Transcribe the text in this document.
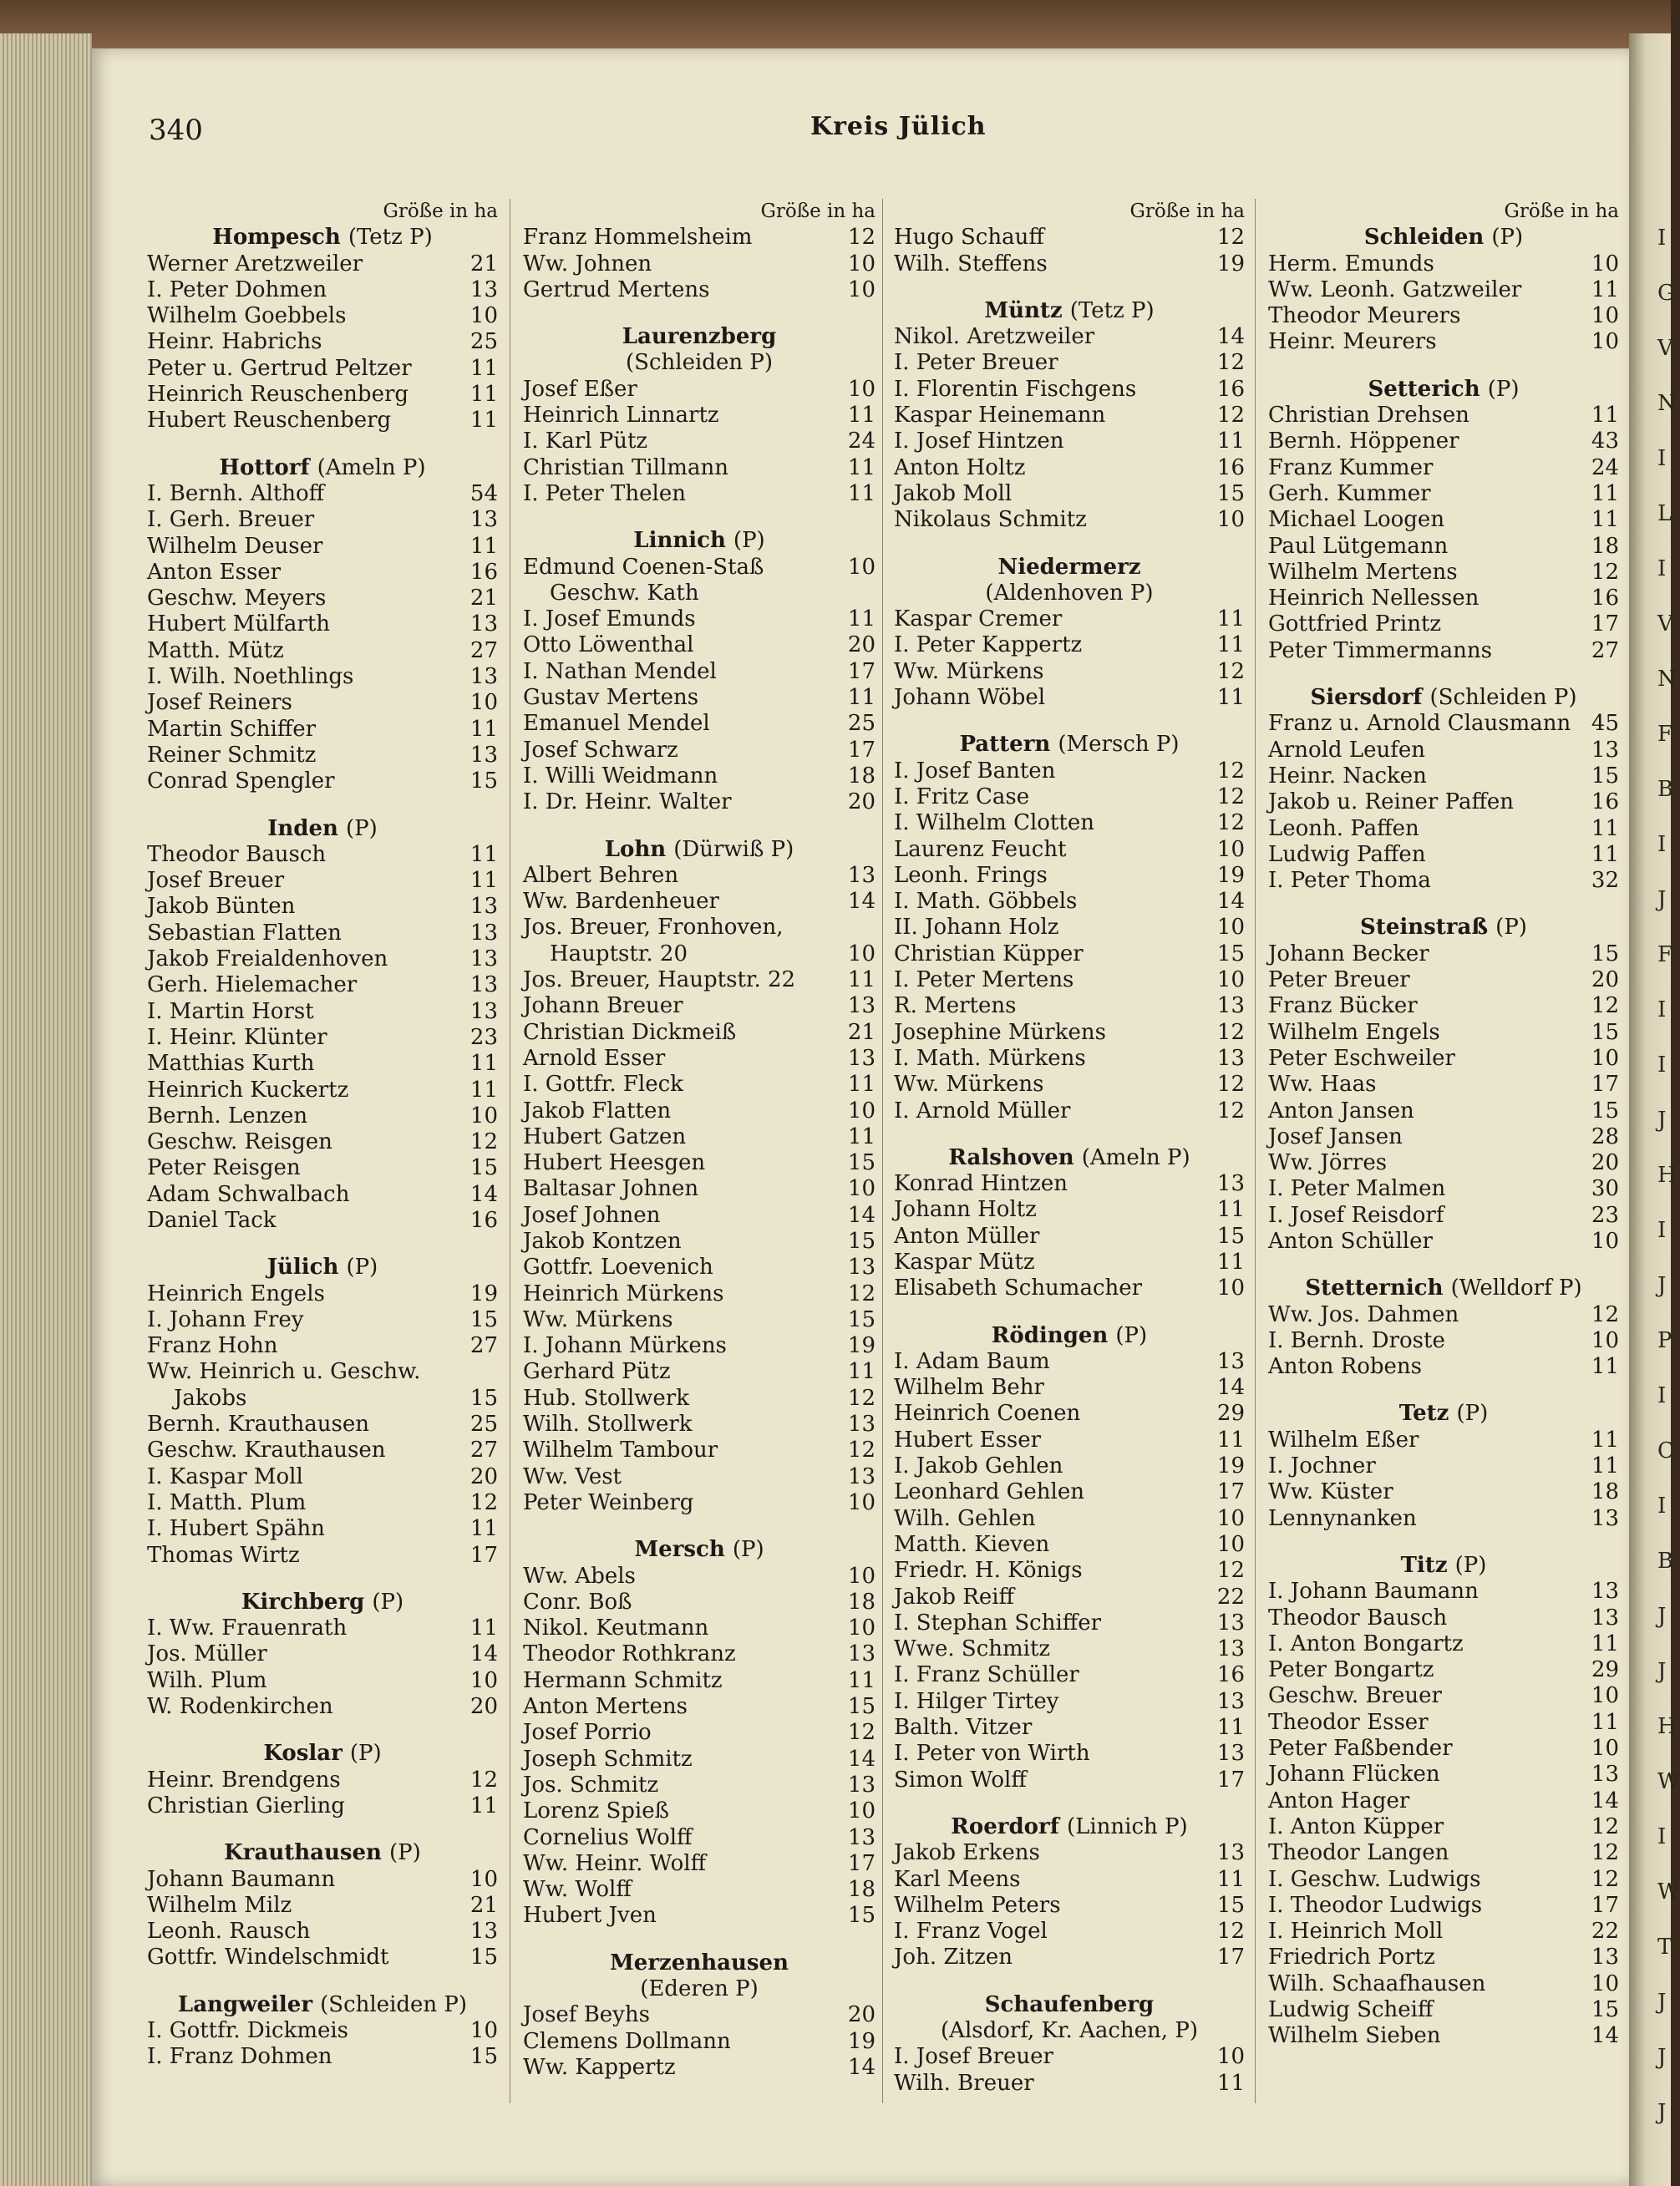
I
G
V
N
I
L
I
V
N
F
B
I
J
F
I
I
J
H
I
J
P
I
C
I
B
J
J
H
W
I
W
T
J
J
J
340	Kreis Jülich
Größe in ha
Hompesch (Tetz P)
Werner Aretzweiler	21
I. Peter Dohmen	13
Wilhelm Goebbels	10
Heinr. Habrichs	25
Peter u. Gertrud Peltzer	11
Heinrich Reuschenberg	11
Hubert Reuschenberg	11
Hottorf (Ameln P)
I. Bernh. Althoff	54
I. Gerh. Breuer	13
Wilhelm Deuser	11
Anton Esser	16
Geschw. Meyers	21
Hubert Mülfarth	13
Matth. Mütz	27
I. Wilh. Noethlings	13
Josef Reiners	10
Martin Schiffer	11
Reiner Schmitz	13
Conrad Spengler	15
Inden (P)
Theodor Bausch	11
Josef Breuer	11
Jakob Bünten	13
Sebastian Flatten	13
Jakob Freialdenhoven	13
Gerh. Hielemacher	13
I. Martin Horst	13
I. Heinr. Klünter	23
Matthias Kurth	11
Heinrich Kuckertz	11
Bernh. Lenzen	10
Geschw. Reisgen	12
Peter Reisgen	15
Adam Schwalbach	14
Daniel Tack	16
Jülich (P)
Heinrich Engels	19
I. Johann Frey	15
Franz Hohn	27
Ww. Heinrich u. Geschw.
Jakobs	15
Bernh. Krauthausen	25
Geschw. Krauthausen	27
I. Kaspar Moll	20
I. Matth. Plum	12
I. Hubert Spähn	11
Thomas Wirtz	17
Kirchberg (P)
I. Ww. Frauenrath	11
Jos. Müller	14
Wilh. Plum	10
W. Rodenkirchen	20
Koslar (P)
Heinr. Brendgens	12
Christian Gierling	11
Krauthausen (P)
Johann Baumann	10
Wilhelm Milz	21
Leonh. Rausch	13
Gottfr. Windelschmidt	15
Langweiler (Schleiden P)
I. Gottfr. Dickmeis	10
I. Franz Dohmen	15
Größe in ha
Franz Hommelsheim	12
Ww. Johnen	10
Gertrud Mertens	10
Laurenzberg
(Schleiden P)
Josef Eßer	10
Heinrich Linnartz	11
I. Karl Pütz	24
Christian Tillmann	11
I. Peter Thelen	11
Linnich (P)
Edmund Coenen-Staß	10
Geschw. Kath
I. Josef Emunds	11
Otto Löwenthal	20
I. Nathan Mendel	17
Gustav Mertens	11
Emanuel Mendel	25
Josef Schwarz	17
I. Willi Weidmann	18
I. Dr. Heinr. Walter	20
Lohn (Dürwiß P)
Albert Behren	13
Ww. Bardenheuer	14
Jos. Breuer, Fronhoven,
Hauptstr. 20	10
Jos. Breuer, Hauptstr. 22 11
Johann Breuer	13
Christian Dickmeiß	21
Arnold Esser	13
I. Gottfr. Fleck	11
Jakob Flatten	10
Hubert Gatzen	11
Hubert Heesgen	15
Baltasar Johnen	10
Josef Johnen	14
Jakob Kontzen	15
Gottfr. Loevenich	13
Heinrich Mürkens	12
Ww. Mürkens	15
I. Johann Mürkens	19
Gerhard Pütz	11
Hub. Stollwerk	12
Wilh. Stollwerk	13
Wilhelm Tambour	12
Ww. Vest	13
Peter Weinberg	10
Mersch (P)
Ww. Abels	10
Conr. Boß	18
Nikol. Keutmann	10
Theodor Rothkranz	13
Hermann Schmitz	11
Anton Mertens	15
Josef Porrio	12
Joseph Schmitz	14
Jos. Schmitz	13
Lorenz Spieß	10
Cornelius Wolff	13
Ww. Heinr. Wolff	17
Ww. Wolff	18
Hubert Jven	15
Merzenhausen
(Ederen P)
Josef Beyhs	20
Clemens Dollmann	19
Ww. Kappertz	14
Größe in ha
Hugo Schauff	12
Wilh. Steffens	19
Müntz (Tetz P)
Nikol. Aretzweiler	14
I. Peter Breuer	12
I. Florentin Fischgens	16
Kaspar Heinemann	12
I. Josef Hintzen	11
Anton Holtz	16
Jakob Moll	15
Nikolaus Schmitz	10
Niedermerz
(Aldenhoven P)
Kaspar Cremer	11
I. Peter Kappertz	11
Ww. Mürkens	12
Johann Wöbel	11
Pattern (Mersch P)
I. Josef Banten	12
I. Fritz Case	12
I. Wilhelm Clotten	12
Laurenz Feucht	10
Leonh. Frings	19
I. Math. Göbbels	14
II. Johann Holz	10
Christian Küpper	15
I. Peter Mertens	10
R. Mertens	13
Josephine Mürkens	12
I. Math. Mürkens	13
Ww. Mürkens	12
I. Arnold Müller	12
Ralshoven (Ameln P)
Konrad Hintzen	13
Johann Holtz	11
Anton Müller	15
Kaspar Mütz	11
Elisabeth Schumacher	10
Rödingen (P)
I. Adam Baum	13
Wilhelm Behr	14
Heinrich Coenen	29
Hubert Esser	11
I. Jakob Gehlen	19
Leonhard Gehlen	17
Wilh. Gehlen	10
Matth. Kieven	10
Friedr. H. Königs	12
Jakob Reiff	22
I. Stephan Schiffer	13
Wwe. Schmitz	13
I. Franz Schüller	16
I. Hilger Tirtey	13
Balth. Vitzer	11
I. Peter von Wirth	13
Simon Wolff	17
Roerdorf (Linnich P)
Jakob Erkens	13
Karl Meens	11
Wilhelm Peters	15
I. Franz Vogel	12
Joh. Zitzen	17
Schaufenberg
(Alsdorf, Kr. Aachen, P)
I. Josef Breuer	10
Wilh. Breuer	11
Größe in ha
Schleiden (P)
Herm. Emunds	10
Ww. Leonh. Gatzweiler	11
Theodor Meurers	10
Heinr. Meurers	10
Setterich (P)
Christian Drehsen	11
Bernh. Höppener	43
Franz Kummer	24
Gerh. Kummer	11
Michael Loogen	11
Paul Lütgemann	18
Wilhelm Mertens	12
Heinrich Nellessen	16
Gottfried Printz	17
Peter Timmermanns	27
Siersdorf (Schleiden P)
Franz u. Arnold Clausmann 45
Arnold Leufen	13
Heinr. Nacken	15
Jakob u. Reiner Paffen	16
Leonh. Paffen	11
Ludwig Paffen	11
I. Peter Thoma	32
Steinstraß (P)
Johann Becker	15
Peter Breuer	20
Franz Bücker	12
Wilhelm Engels	15
Peter Eschweiler	10
Ww. Haas	17
Anton Jansen	15
Josef Jansen	28
Ww. Jörres	20
I. Peter Malmen	30
I. Josef Reisdorf	23
Anton Schüller	10
Stetternich (Welldorf P)
Ww. Jos. Dahmen	12
I. Bernh. Droste	10
Anton Robens	11
Tetz (P)
Wilhelm Eßer	11
I. Jochner	11
Ww. Küster	18
Lennynanken	13
Titz (P)
I. Johann Baumann	13
Theodor Bausch	13
I. Anton Bongartz	11
Peter Bongartz	29
Geschw. Breuer	10
Theodor Esser	11
Peter Faßbender	10
Johann Flücken	13
Anton Hager	14
I. Anton Küpper	12
Theodor Langen	12
I. Geschw. Ludwigs	12
I. Theodor Ludwigs	17
I. Heinrich Moll	22
Friedrich Portz	13
Wilh. Schaafhausen	10
Ludwig Scheiff	15
Wilhelm Sieben	14
